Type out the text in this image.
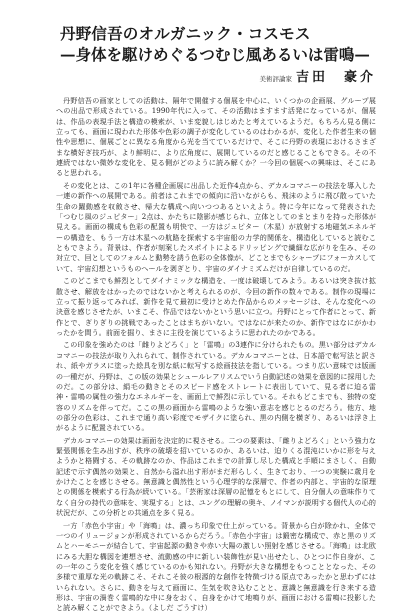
丹野信吾のオルガニック・コスモス
—身体を駆けめぐるつむじ風あるいは雷鳴—
美術評論家 吉田　豪介

丹野信吾の画家としての活動は、隔年で開催する個展を中心に、いくつかの企画展、グループ展への出品で形成されている。1990年代に入って、その活動はますます活発になっているが、個展は、作品の表現手法と構造の模索が、いま変貌しはじめたと考えているようだ。もちろん見る側に立っても、画面に現われた形体や色彩の調子が変化しているのはわかるが、変化した作者生来の個性や思想に、個展ごとに異なる角度から光を当てているだけで、そこに丹野の表現におけるさまざまな横好ぎ技巧が、より鮮明に、より広角度に、展開しているのだと感じることもできる。その不連続ではない微妙な変化を、見る側がどのように読み解くか？一今回の個展への興味は、そこにあると思われる。

その変化とは、この1年に各種企画展に出品した近作4点から、デカルコマニーの技法を導入した一連の新作への展開である。前者はこれまでの傾向に沿いながらも、飛沫のように飛び散っていた生命の躍動感を収斂させ、帰大な構成へ向いつつあるといえよう。特に今年になって発表された「つむじ風のジュピター」2点は、かたちに陰影が感じられ、立体としてのまとまりを持った形体が見える。画面の構成も色彩の配置も明快で、一方はジュピター（木星）が放射する地磁気エネルギーの構造を、もう一方は木星への航路を探索する宇宙船の力学的関係を、構造化していると読むこともできよう。背景は、作者が刻案したスポイトによるドリッピングで繊細な広がりを生み、その対立で、回としてのフォルムと動勢を誘う色彩の全体像が、どことまでもシャープにフォーカスしていて、宇宙幻想というものへールを剥ぎとり、宇宙のダイナミズムだけが自律しているのだ。

このどこまでも鮮烈としてダイナミックな構造を、一度は破壊してみよう。あるいは突き抜け拡散させ、解放をはかったのではないかと考えられるのが、今回の新作の数々である。制作の現場に立って振り返ってみれば、新作を見て最初に受けとめた作品からのメッセージは、そんな変化への決意を感じさせたが、いまこそ、作品ではないかという思いに立つ。丹野にとって作者にとって、新作とで、ぎりぎりの挑戦であったことはまちがいない。ではなにが来たのか、新作ではなにがかわったかを間う。前面を掘り、まさに主役を演じているように思われたのかである。

この印象を強めたのは「雌りよどろく」と「雷鳴」の3連作に分けられたもの。黒い部分はデカルコマニーの技法が取り入れられて、制作されている。デカルコマニーとは、日本語で転写法と訳され、紙やガラスに塗った絵具を別な紙に転写する絵画技法を指している。つまり広い意味では版画の一種だが、丹野は、この版の効果とシュールレアリスムでいう自動記述の効果を意図的に採用したのだ。この部分は、絹毛の動きとそのスピード感をストレートに表出していて、見る者に迫る雷神・雷鳴の属性の強力なエネルギーを、画面上で鮮烈に示している。それもどこまでも、独特の変容のリズムを伴ってだ。ここの黒の画面から雷鳴のような強い意志を感じとるのだろう。他方、地の部分の色彩は、これまで通り高い彩度でモザイクに塗られ、黒の内側を横ぎり、あるいは浮き上がるように配置されている。

デカルコマニーの効果は画面を決定的に視させる。二つの要素は、「雌りよどろく」という強力な緊張関係を生み出すが、秩序の破壊を招いているのか、あるいは、迫りくる混沌にいかに形を与えようかと格闘する、その軌跡なのか、作品はこれまでの計算し尽した構成と手順にまさしく、自動記述で示す偶然の効果と、自然から溢れ出す形がまだ形らしく、生きており、一つの実験に歳月をかけたことを感じさせる。無意識と偶然性という心理学的な深層で、作者の内部と、宇宙的な原理との関係を模索する行為が続いている。「芸術家は深層の記憶をもとにして、自分個人の意味作りてなく自分の持代の意味を、実現する」とは、ユングの理解の奥キ、ノイマンが説明する個代人の心的状況だが、この分析との共通点を多く見る。

一方「赤色小宇宙」や「海鳴」は、濃っち印象で仕上がっている。背景から白が除かれ、全体で一つのイリュージョンが形成されているからだろう。「赤色小宇宙」は鍛密な構成で、赤と黒のリズムとハーモニーが結合して、宇宙起源の動きや赤い大陽の激しい照射を感じさせる。「海鳴」は北欧にみる大胆な構図を連想させ、流動感の中に新しい装飾性が見い出せたし、ひとつに作自身が、この一年のこう変化を強く感じているのかも知れない。丹野が大きな構想をもつこととなった、その多様で重厚な光の軌跡こそ、それこそ彼の根源的な創作を特徴づける原点であったかと思わずにはいられない。さらに、動きを与えて画面に、生気を吹き込むことと、意識と無意識を行き来する造形は、宇宙の渦巻く雷鳴的な中に身をおく、自身をかけて地鳴りが、画面における雷鳴に投影したと読み解くことができよう。（よしだ ごうすけ）
